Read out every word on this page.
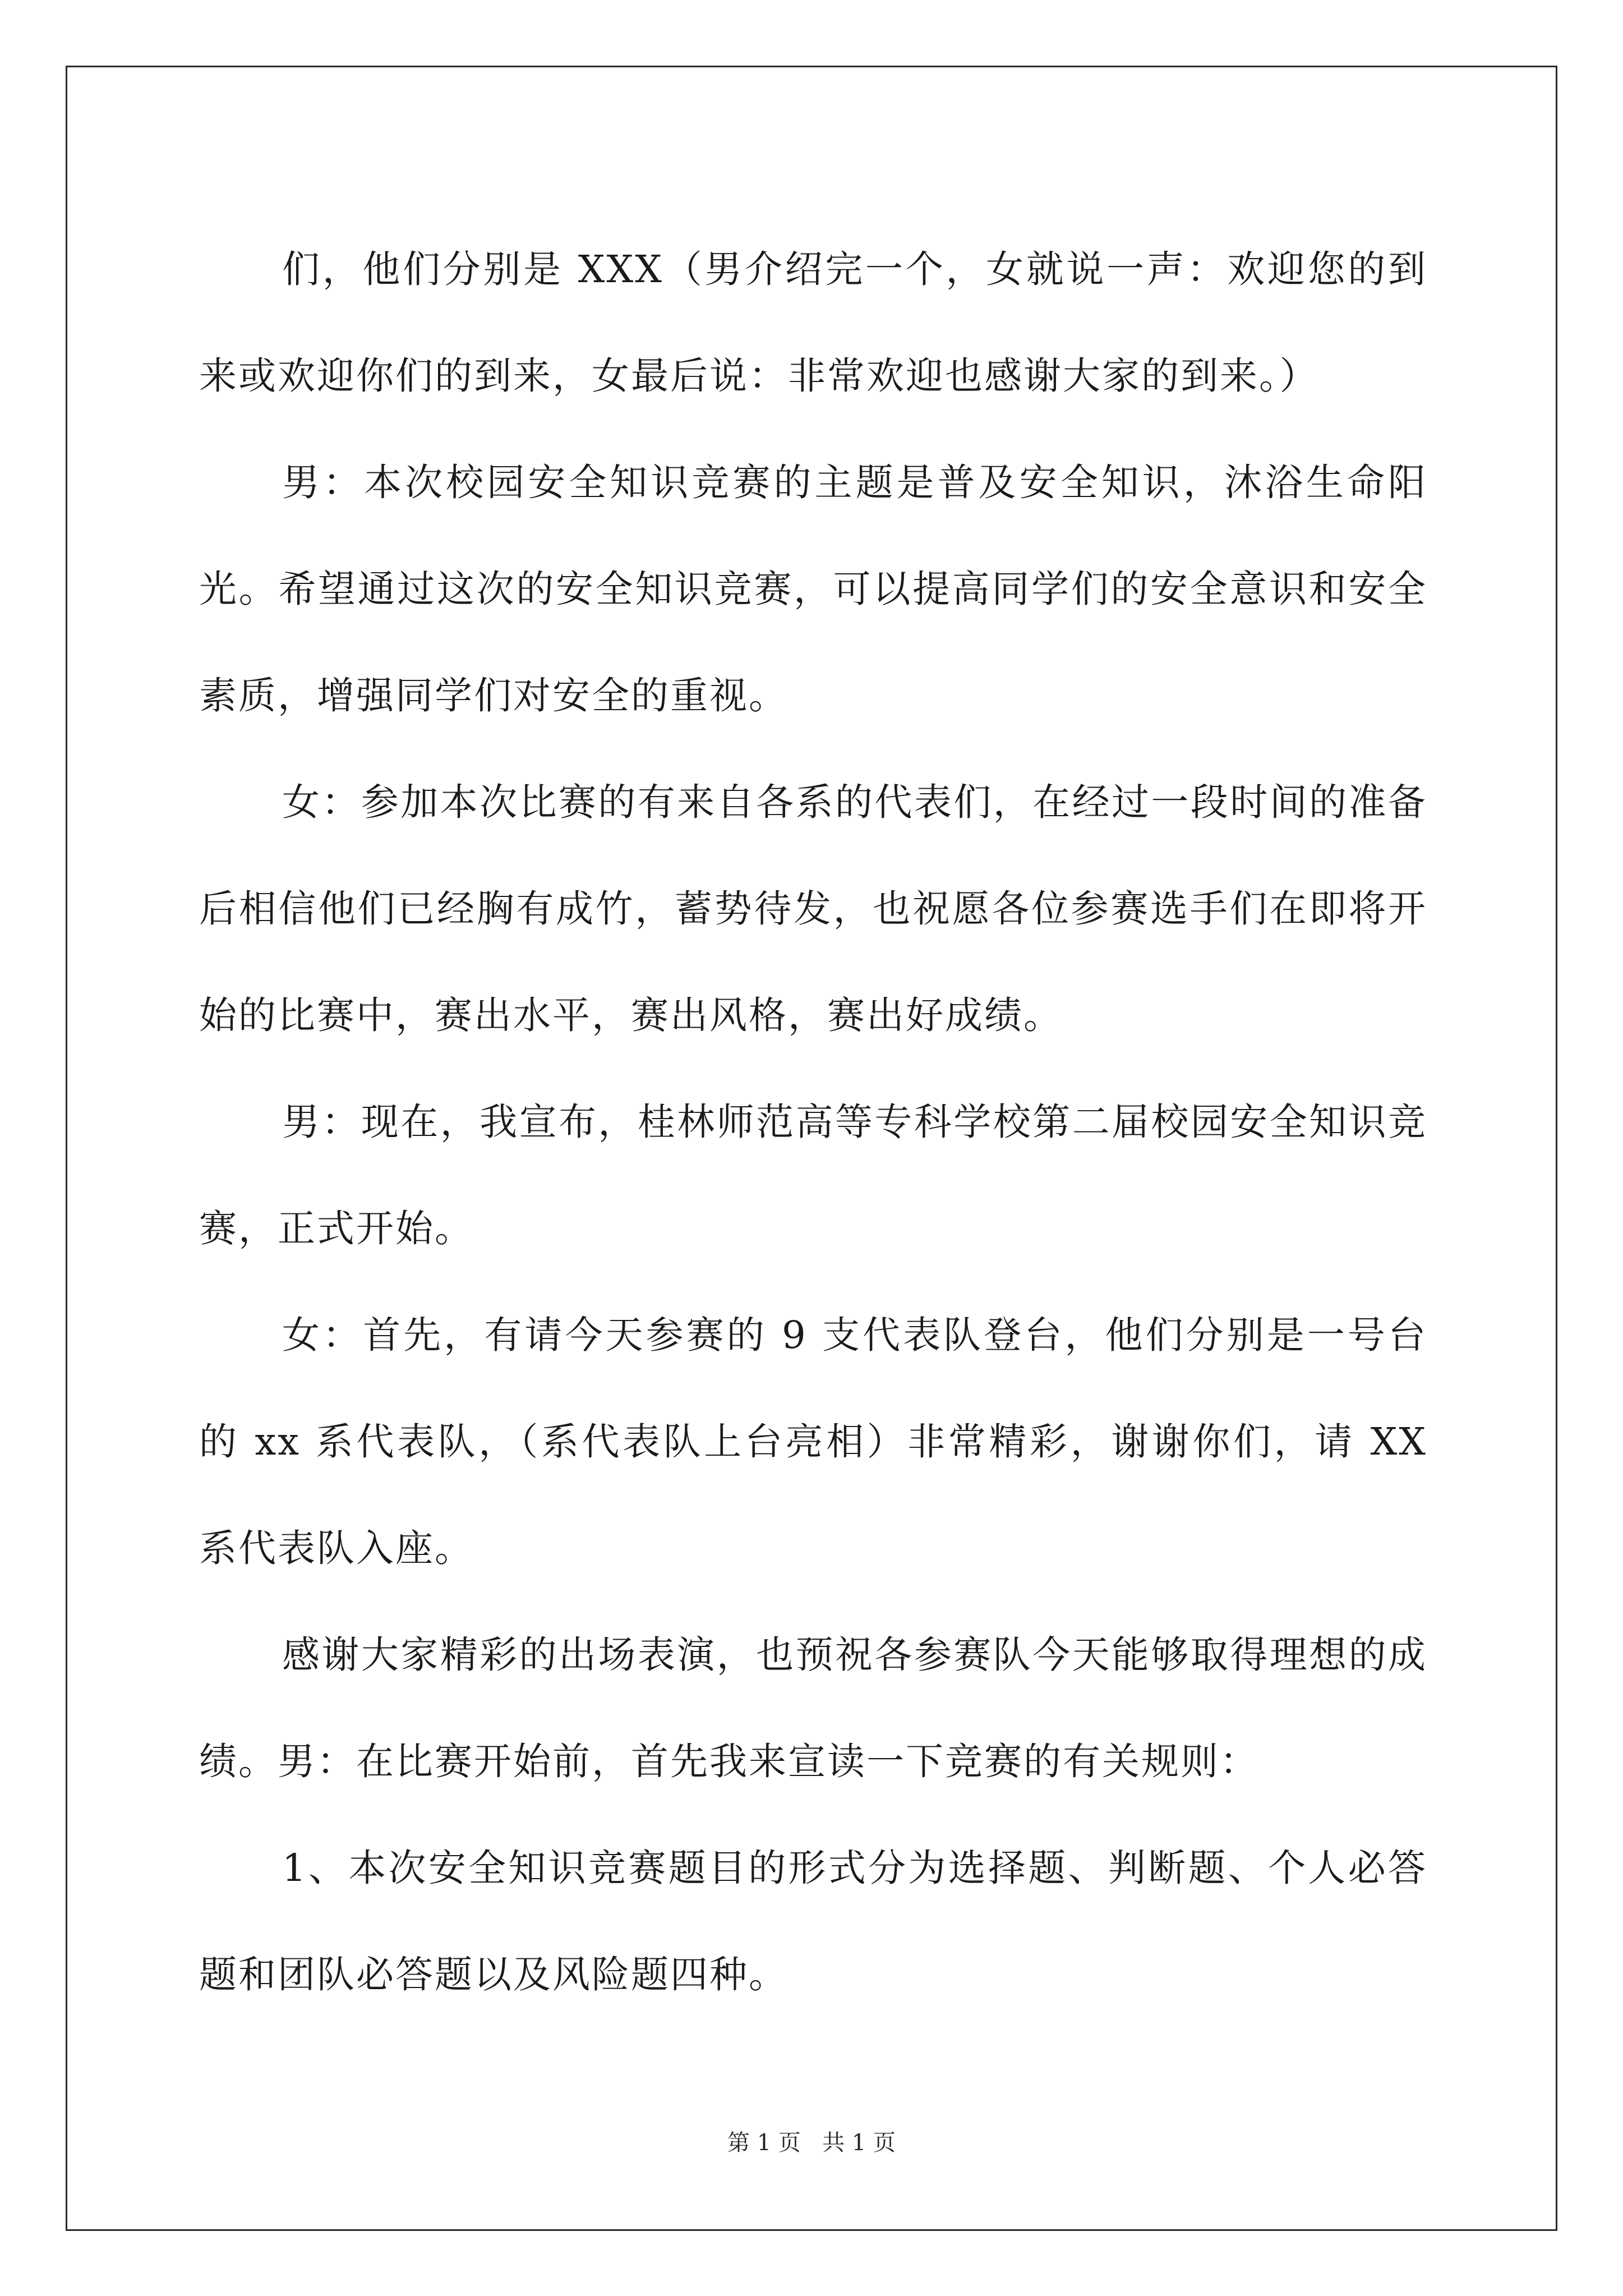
们，他们分别是 XXX（男介绍完一个，女就说一声：欢迎您的到来或欢迎你们的到来，女最后说：非常欢迎也感谢大家的到来。）

男：本次校园安全知识竞赛的主题是普及安全知识，沐浴生命阳光。希望通过这次的安全知识竞赛，可以提高同学们的安全意识和安全素质，增强同学们对安全的重视。

女：参加本次比赛的有来自各系的代表们，在经过一段时间的准备后相信他们已经胸有成竹，蓄势待发，也祝愿各位参赛选手们在即将开始的比赛中，赛出水平，赛出风格，赛出好成绩。

男：现在，我宣布，桂林师范高等专科学校第二届校园安全知识竞赛，正式开始。

女：首先，有请今天参赛的 9 支代表队登台，他们分别是一号台的 xx 系代表队，（系代表队上台亮相）非常精彩，谢谢你们，请 XX 系代表队入座。

感谢大家精彩的出场表演，也预祝各参赛队今天能够取得理想的成绩。男：在比赛开始前，首先我来宣读一下竞赛的有关规则：

1、本次安全知识竞赛题目的形式分为选择题、判断题、个人必答题和团队必答题以及风险题四种。

第 1 页   共 1 页
